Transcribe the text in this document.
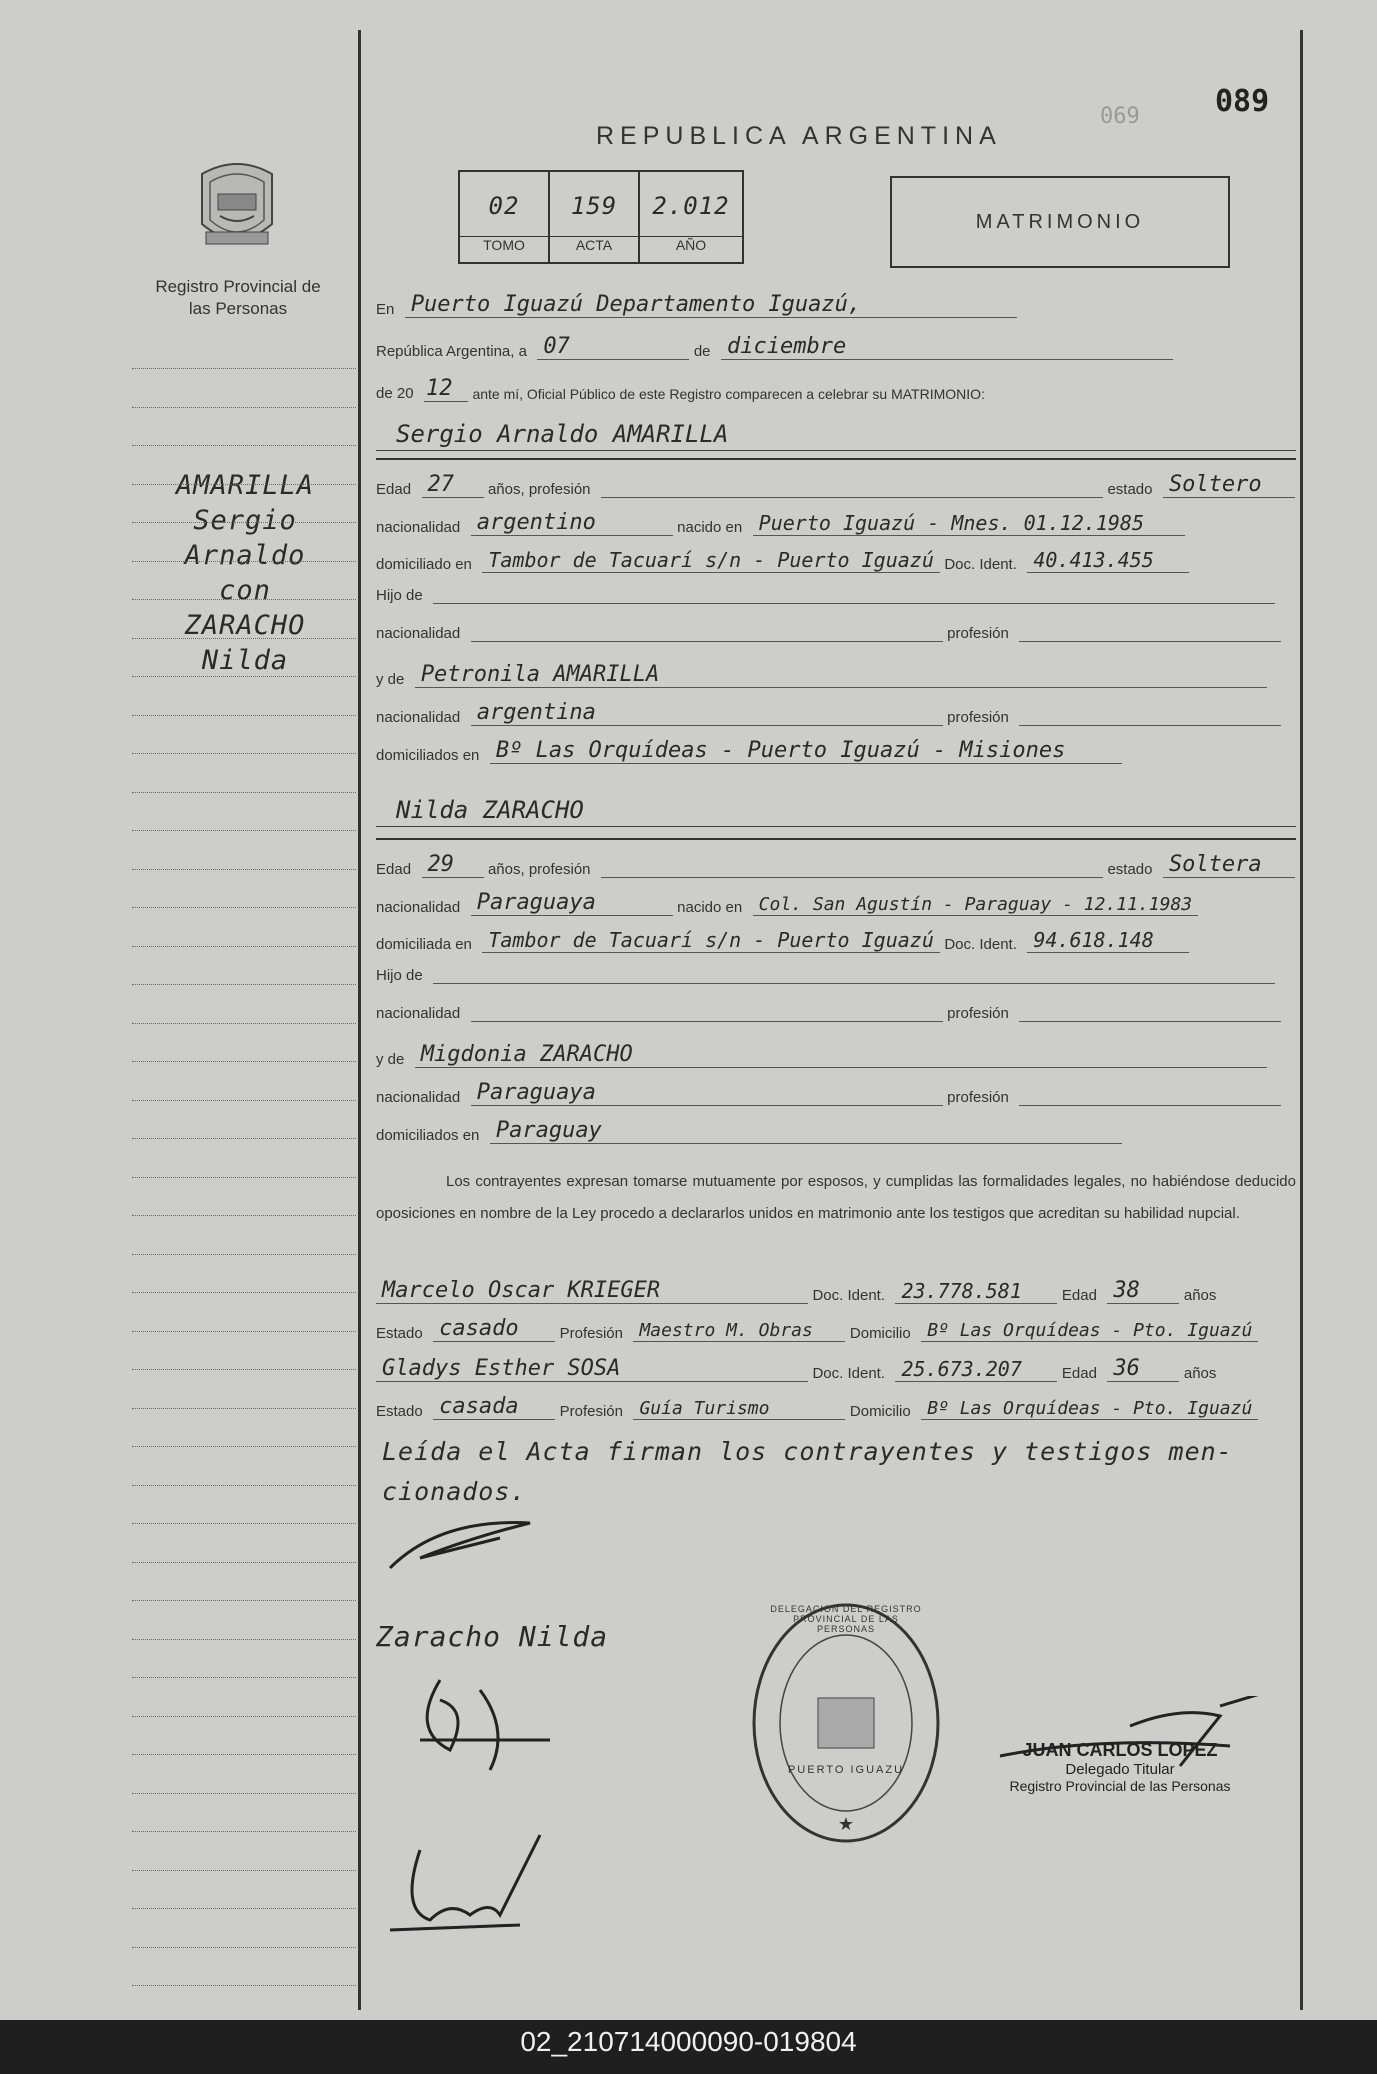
Registro Provincial de las Personas
AMARILLA
Sergio
Arnaldo
con
ZARACHO
Nilda
089
069
REPUBLICA ARGENTINA
02
TOMO
159
ACTA
2.012
AÑO
MATRIMONIO
En Puerto Iguazú Departamento Iguazú,
República Argentina, a 07	de diciembre
de 20 12 ante mí, Oficial Público de este Registro comparecen a celebrar su MATRIMONIO:
Sergio Arnaldo AMARILLA
Edad 27 años, profesión	estado Soltero
nacionalidad argentino	nacido en Puerto Iguazú - Mnes. 01.12.1985
domiciliado en Tambor de Tacuarí s/n - Puerto Iguazú Doc. Ident. 40.413.455
Hijo de
nacionalidad	profesión
y de Petronila AMARILLA
nacionalidad argentina	profesión
domiciliados en Bº Las Orquídeas - Puerto Iguazú - Misiones
Nilda ZARACHO
Edad 29 años, profesión	estado Soltera
nacionalidad Paraguaya	nacido en Col. San Agustín - Paraguay - 12.11.1983
domiciliada en Tambor de Tacuarí s/n - Puerto Iguazú Doc. Ident. 94.618.148
Hijo de
nacionalidad	profesión
y de Migdonia ZARACHO
nacionalidad Paraguaya	profesión
domiciliados en Paraguay
Los contrayentes expresan tomarse mutuamente por esposos, y cumplidas las formalidades legales, no habiéndose deducido oposiciones en nombre de la Ley procedo a declararlos unidos en matrimonio ante los testigos que acreditan su habilidad nupcial.
Marcelo Oscar KRIEGER	Doc. Ident. 23.778.581	Edad 38	años
Estado casado	Profesión Maestro M. Obras Domicilio Bº Las Orquídeas - Pto. Iguazú
Gladys Esther SOSA	Doc. Ident. 25.673.207	Edad 36	años
Estado casada	Profesión Guía Turismo	Domicilio Bº Las Orquídeas - Pto. Iguazú
Leída el Acta firman los contrayentes y testigos men-
cionados.
Zaracho Nilda
★
DELEGACION DEL REGISTRO PROVINCIAL DE LAS PERSONAS
PUERTO IGUAZU
JUAN CARLOS LOPEZ
Delegado Titular
Registro Provincial de las Personas
02_210714000090-019804
